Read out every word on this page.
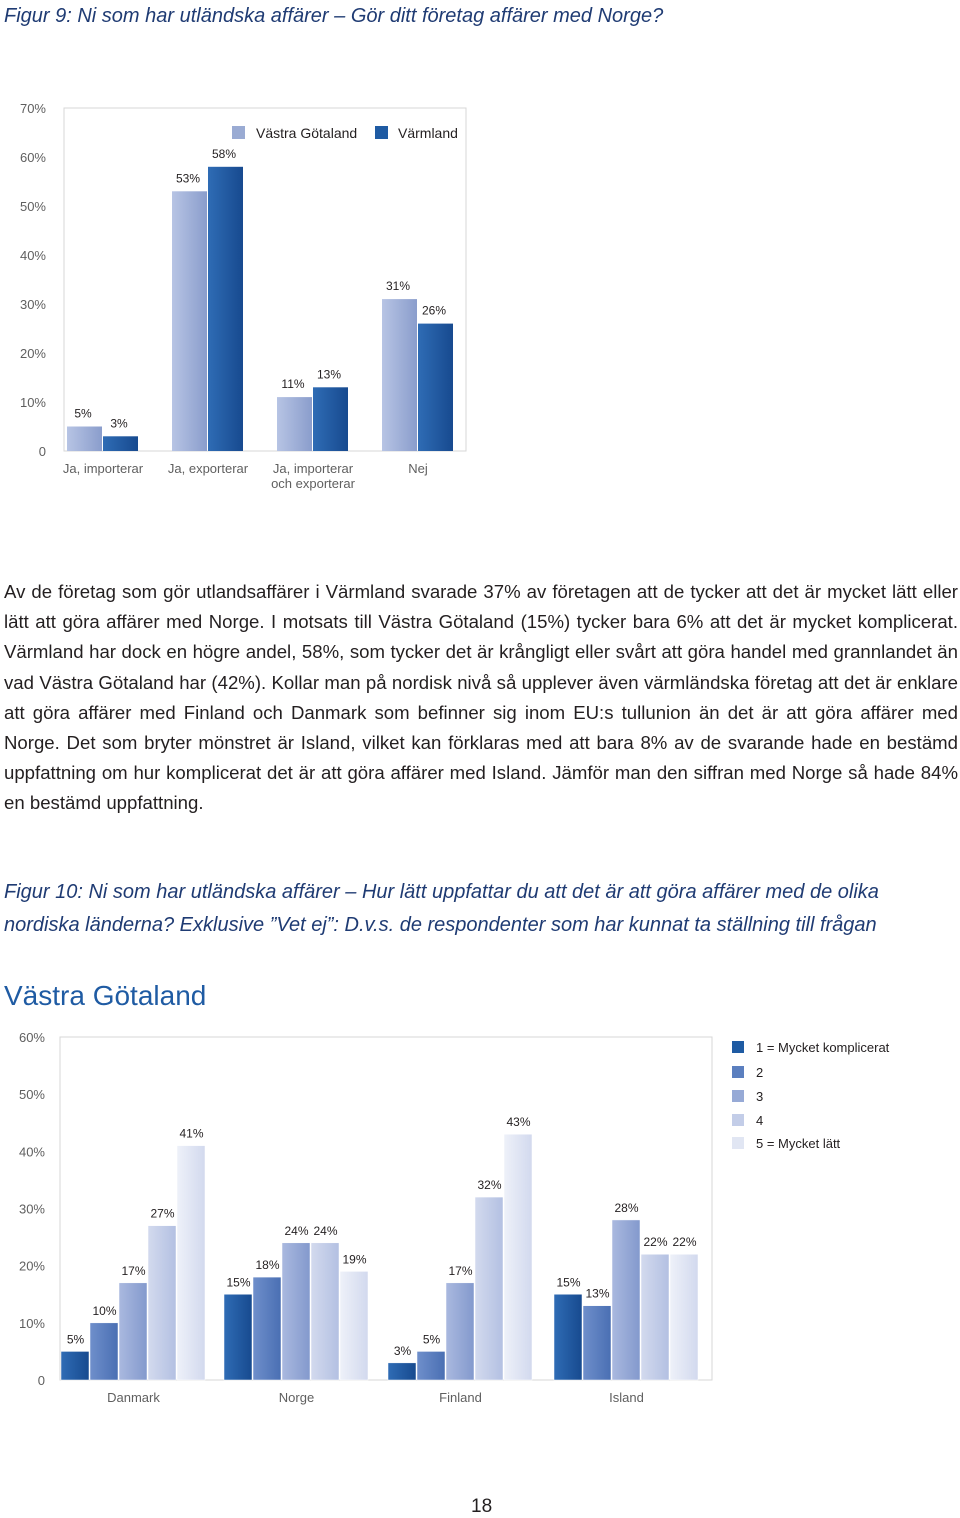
Figur 9: Ni som har utländska affärer – Gör ditt företag affärer med Norge?
Västra Götaland	Värmland
0
10%
20%
30%
40%
50%
60%
70%
5%
3%
Ja, importerar
53%
58%
Ja, exporterar
11%
13%
Ja, importerar
och exporterar
31%
26%
Nej
Av de företag som gör utlandsaffärer i Värmland svarade 37% av företagen att de tycker att det är mycket lätt eller lätt att göra affärer med Norge. I motsats till Västra Götaland (15%) tycker bara 6% att det är mycket komplicerat. Värmland har dock en högre andel, 58%, som tycker det är krångligt eller svårt att göra handel med grannlandet än vad Västra Götaland har (42%). Kollar man på nordisk nivå så upplever även värmländska företag att det är enklare att göra affärer med Finland och Danmark som befinner sig inom EU:s tullunion än det är att göra affärer med Norge. Det som bryter mönstret är Island, vilket kan förklaras med att bara 8% av de svarande hade en bestämd uppfattning om hur komplicerat det är att göra affärer med Island. Jämför man den siffran med Norge så hade 84% en bestämd uppfattning.
Figur 10: Ni som har utländska affärer – Hur lätt uppfattar du att det är att göra affärer med de olika nordiska länderna? Exklusive ”Vet ej”: D.v.s. de respondenter som har kunnat ta ställning till frågan
Västra Götaland
1 = Mycket komplicerat
2
3
4
5 = Mycket lätt
0
10%
20%
30%
40%
50%
60%
5%
10%
17%
27%
41%
Danmark
15%
18%
24% 24%
19%
Norge
3%
5%
17%
32%
43%
Finland
15%
13%
28%
22% 22%
Island
18
